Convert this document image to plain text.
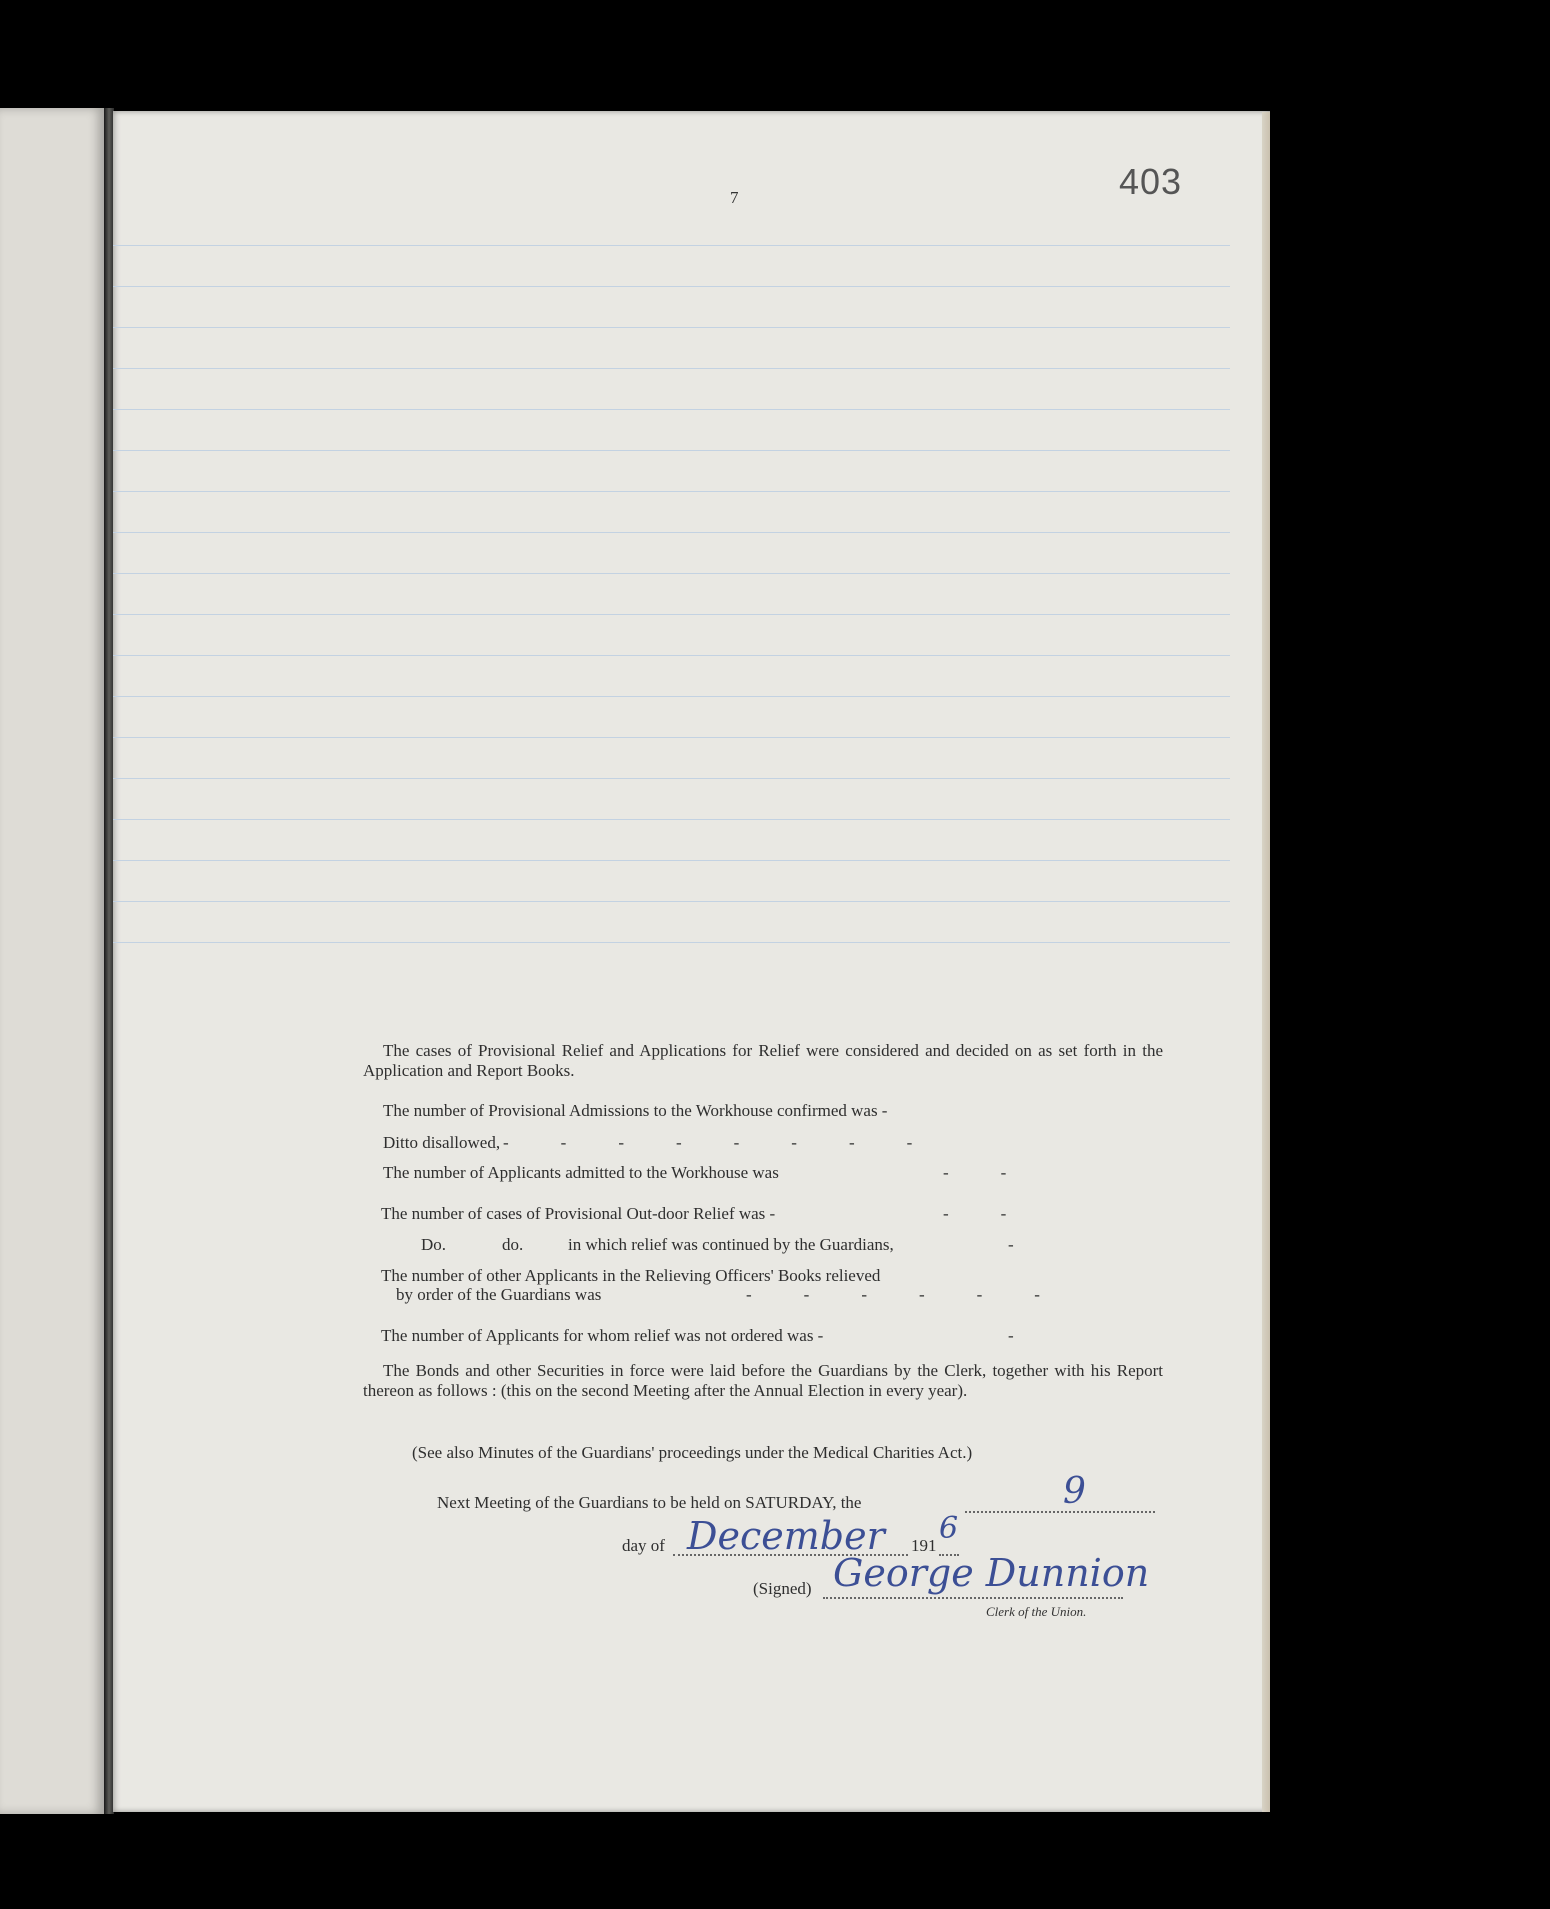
7	403
The cases of Provisional Relief and Applications for Relief were considered and decided on as set forth in the Application and Report Books.
The number of Provisional Admissions to the Workhouse confirmed was -
Ditto disallowed, --------
The number of Applicants admitted to the Workhouse was	--
The number of cases of Provisional Out-door Relief was -	--
Do.	do.	in which relief was continued by the Guardians,	-
The number of other Applicants in the Relieving Officers' Books relieved
by order of the Guardians was	------
The number of Applicants for whom relief was not ordered was -	-
The Bonds and other Securities in force were laid before the Guardians by the Clerk, together with his Report thereon as follows : (this on the second Meeting after the Annual Election in every year).
(See also Minutes of the Guardians' proceedings under the Medical Charities Act.)
Next Meeting of the Guardians to be held on SATURDAY, the	9
day of December 191 6
(Signed) George Dunnion
Clerk of the Union.
